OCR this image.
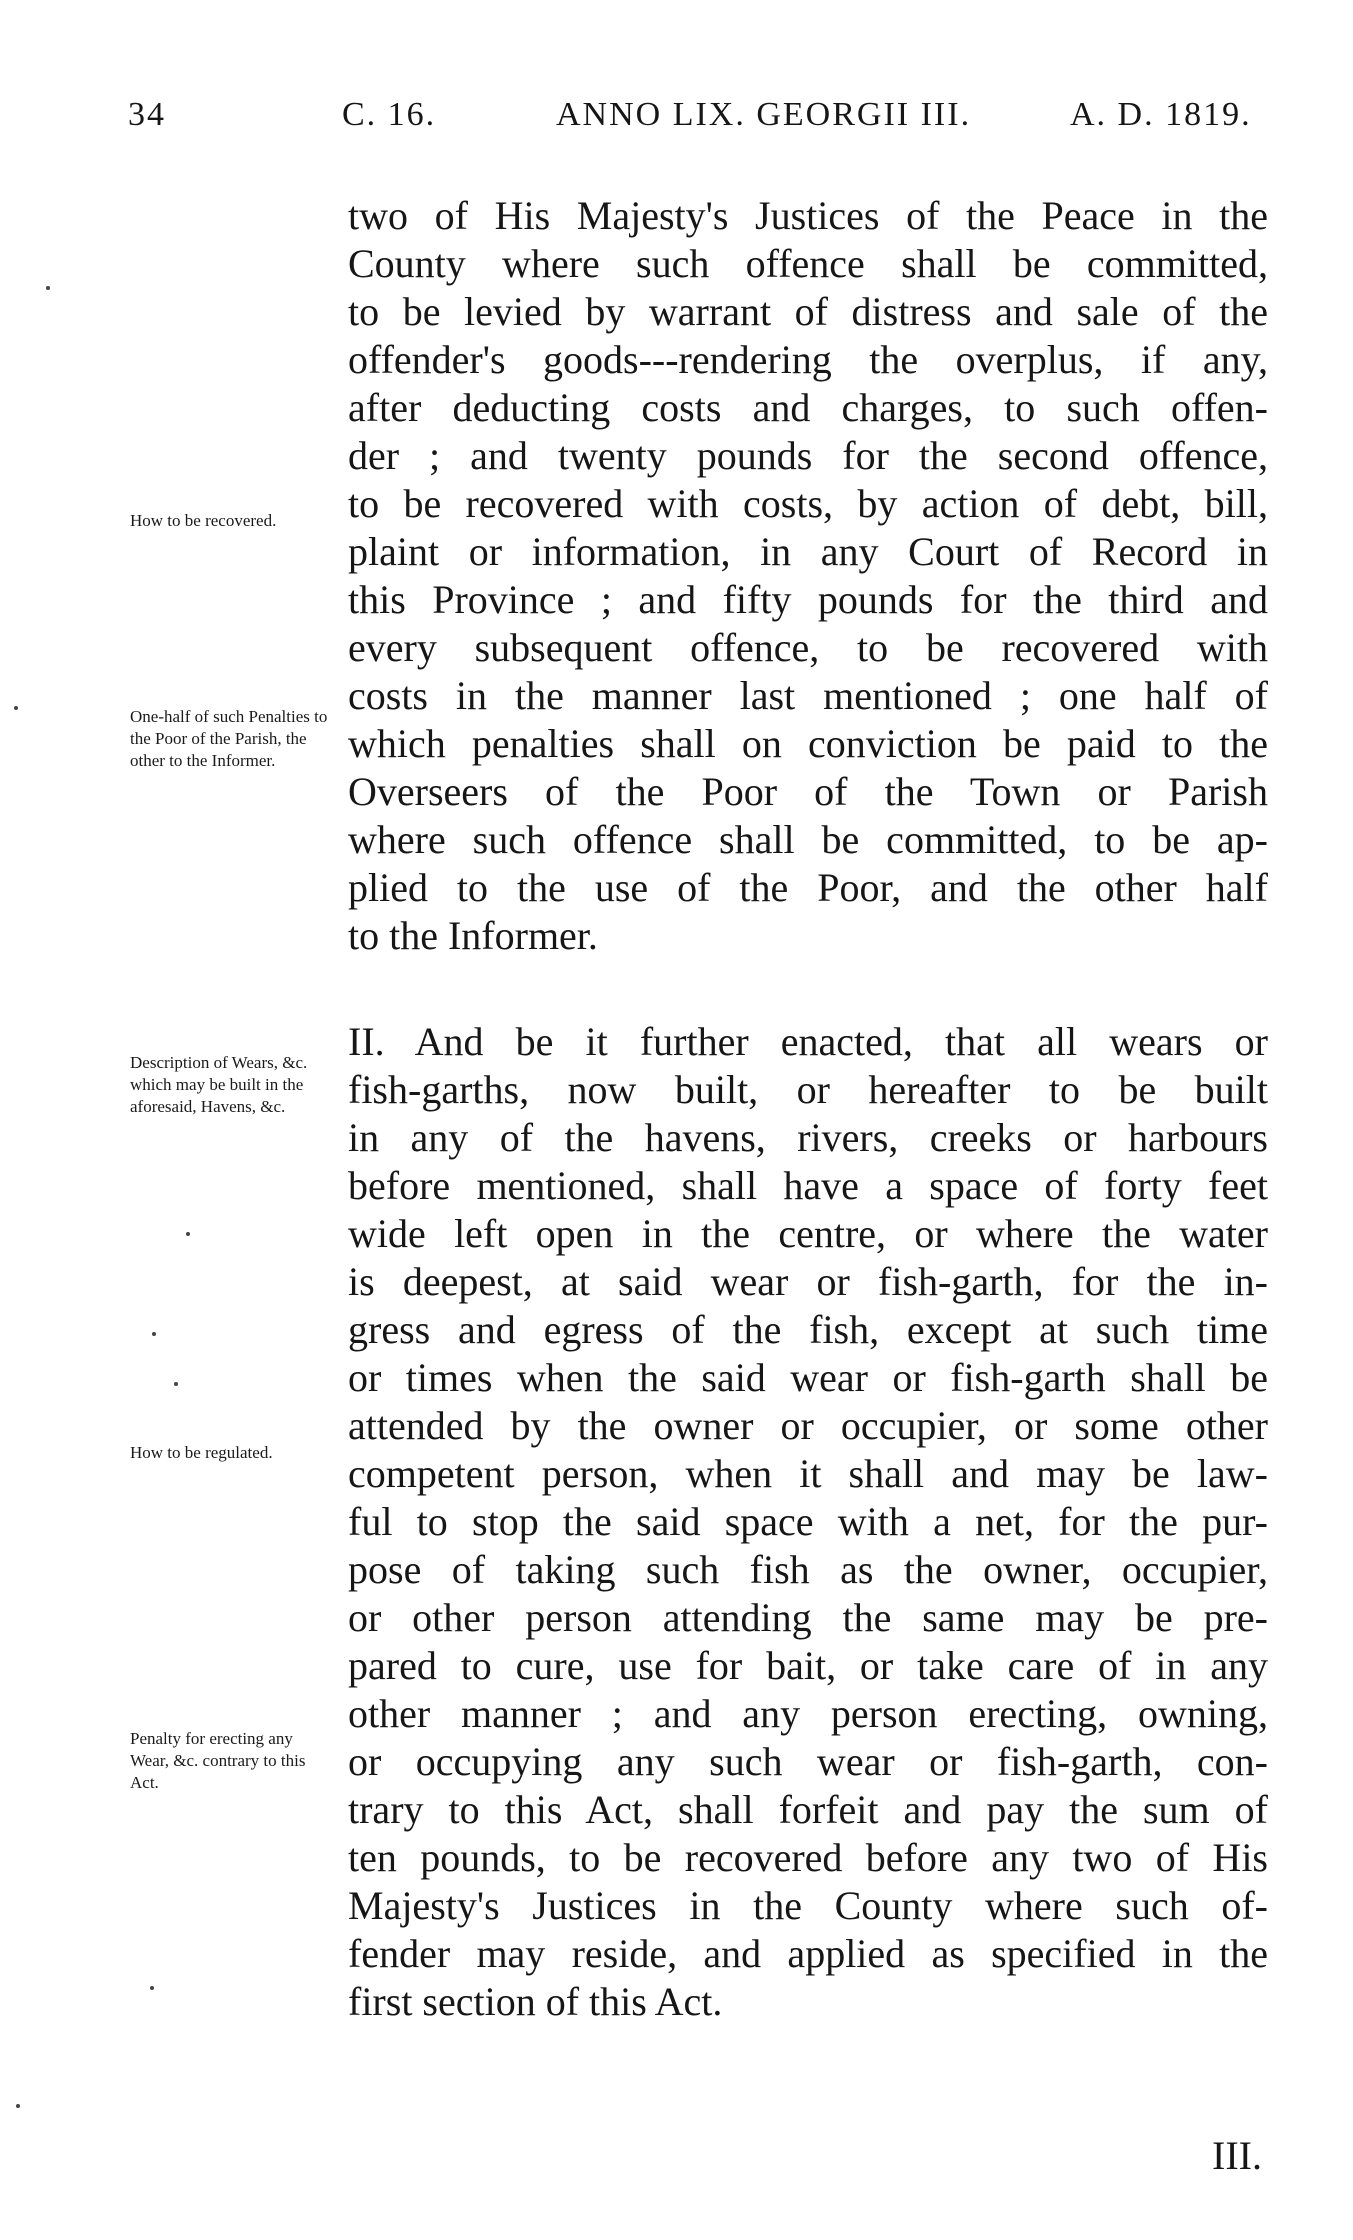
34	C. 16.	ANNO LIX. GEORGII III.	A. D. 1819.
How to be recovered.
One-half of such Penalties to the Poor of the Parish, the other to the Informer.
Description of Wears, &c. which may be built in the aforesaid, Havens, &c.
How to be regulated.
Penalty for erecting any Wear, &c. contrary to this Act.
two of His Majesty's Justices of the Peace in the
County where such offence shall be committed,
to be levied by warrant of distress and sale of the
offender's goods---rendering the overplus, if any,
after deducting costs and charges, to such offen-
der ; and twenty pounds for the second offence,
to be recovered with costs, by action of debt, bill,
plaint or information, in any Court of Record in
this Province ; and fifty pounds for the third and
every subsequent offence, to be recovered with
costs in the manner last mentioned ; one half of
which penalties shall on conviction be paid to the
Overseers of the Poor of the Town or Parish
where such offence shall be committed, to be ap-
plied to the use of the Poor, and the other half
to the Informer.
II. And be it further enacted, that all wears or
fish-garths, now built, or hereafter to be built
in any of the havens, rivers, creeks or harbours
before mentioned, shall have a space of forty feet
wide left open in the centre, or where the water
is deepest, at said wear or fish-garth, for the in-
gress and egress of the fish, except at such time
or times when the said wear or fish-garth shall be
attended by the owner or occupier, or some other
competent person, when it shall and may be law-
ful to stop the said space with a net, for the pur-
pose of taking such fish as the owner, occupier,
or other person attending the same may be pre-
pared to cure, use for bait, or take care of in any
other manner ; and any person erecting, owning,
or occupying any such wear or fish-garth, con-
trary to this Act, shall forfeit and pay the sum of
ten pounds, to be recovered before any two of His
Majesty's Justices in the County where such of-
fender may reside, and applied as specified in the
first section of this Act.
III.
